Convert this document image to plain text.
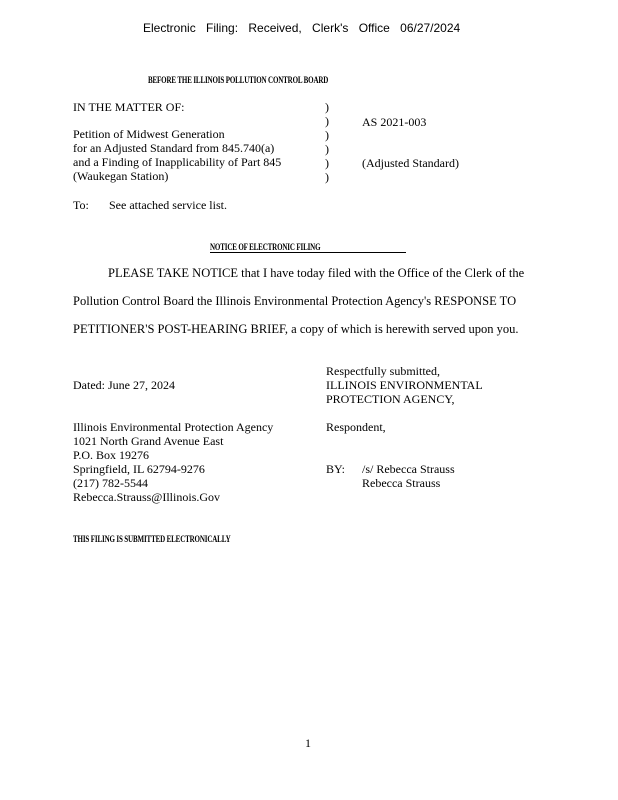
Electronic Filing: Received, Clerk's Office 06/27/2024
BEFORE THE ILLINOIS POLLUTION CONTROL BOARD
IN THE MATTER OF:
Petition of Midwest Generation
for an Adjusted Standard from 845.740(a)
and a Finding of Inapplicability of Part 845
(Waukegan Station)
)
)
)
)
)
)
AS 2021-003
(Adjusted Standard)
To: See attached service list.
NOTICE OF ELECTRONIC FILING
PLEASE TAKE NOTICE that I have today filed with the Office of the Clerk of the
Pollution Control Board the Illinois Environmental Protection Agency's RESPONSE TO
PETITIONER'S POST-HEARING BRIEF, a copy of which is herewith served upon you.
Dated: June 27, 2024
Respectfully submitted,
ILLINOIS ENVIRONMENTAL
PROTECTION AGENCY,
Illinois Environmental Protection Agency
1021 North Grand Avenue East
P.O. Box 19276
Springfield, IL 62794-9276
(217) 782-5544
Rebecca.Strauss@Illinois.Gov
Respondent,
BY: /s/ Rebecca Strauss
Rebecca Strauss
THIS FILING IS SUBMITTED ELECTRONICALLY
1
